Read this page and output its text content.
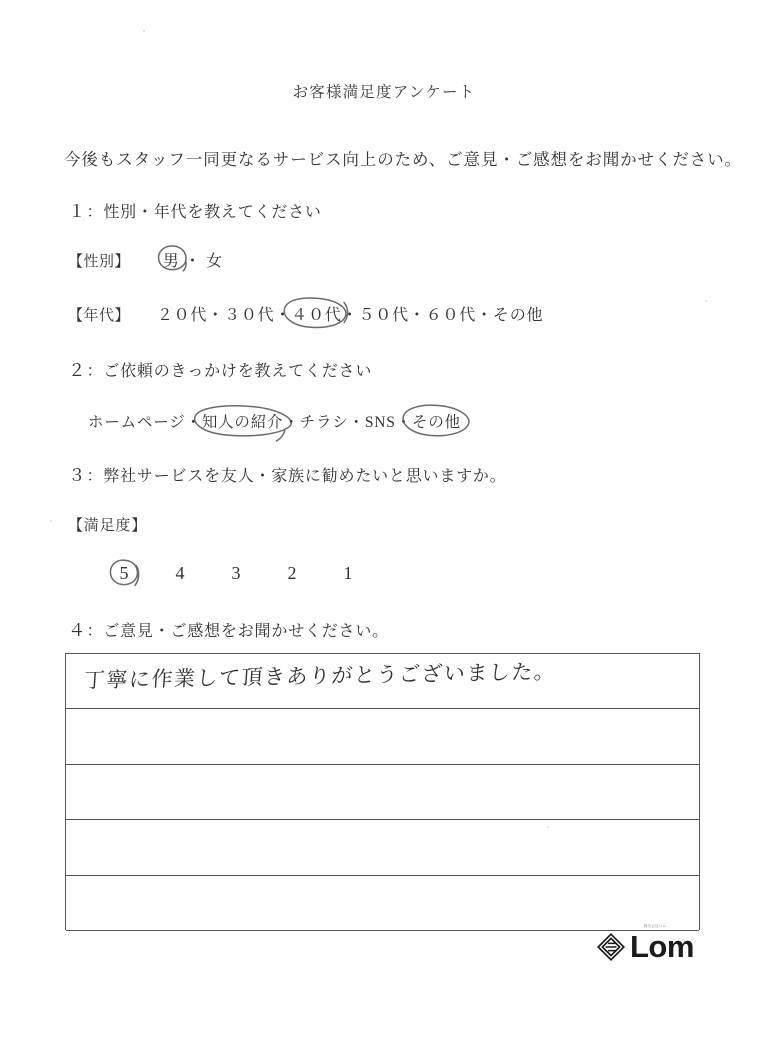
お客様満足度アンケート
今後もスタッフ一同更なるサービス向上のため、ご意見・ご感想をお聞かせください。
１：性別・年代を教えてください
【性別】 男 ・ 女
【年代】 ２０代・３０代・４０代
・５０代・６０代・その他
２：ご依頼のきっかけを教えてください
ホームページ・知人の紹介
・チラシ・SNS・その他
３：弊社サービスを友人・家族に勧めたいと思いますか。
【満足度】
5	4	3	2	1
４：ご意見・ご感想をお聞かせください。
丁寧に作業して頂きありがとうございました。
株式会社ロム
Lom
